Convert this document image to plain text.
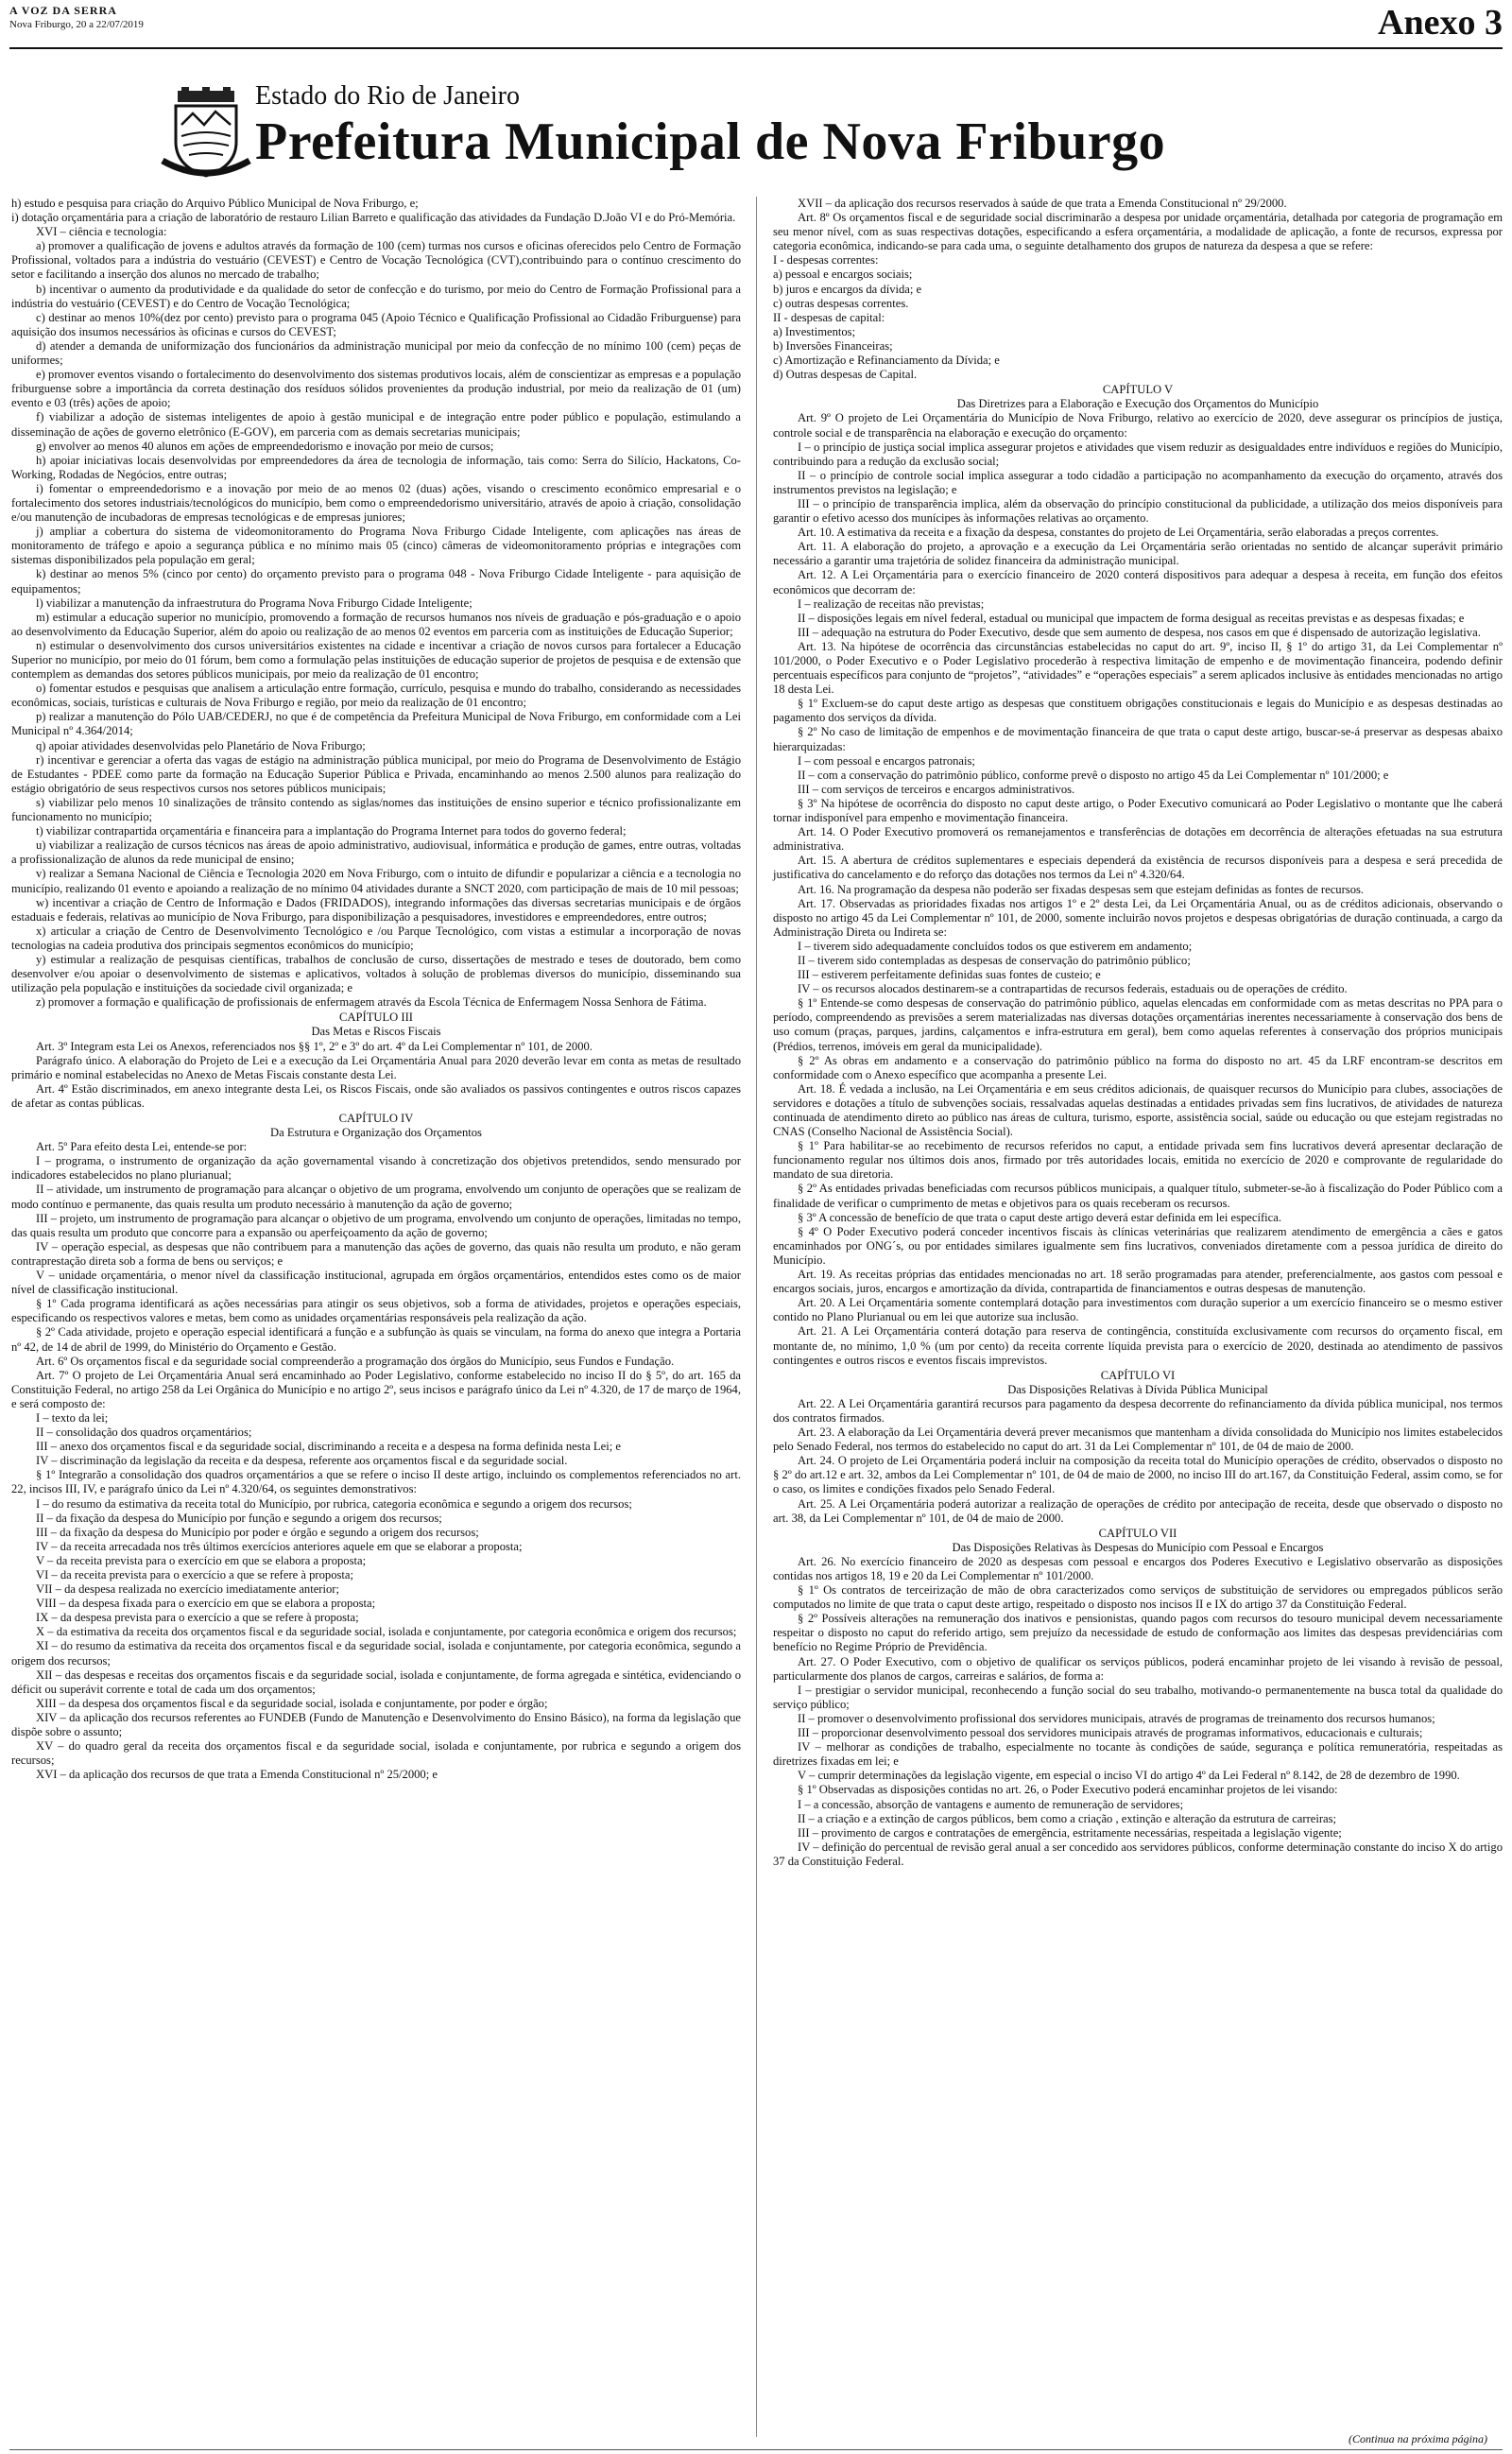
A VOZ DA SERRA
Nova Friburgo, 20 a 22/07/2019	Anexo 3
Estado do Rio de Janeiro
Prefeitura Municipal de Nova Friburgo

h) estudo e pesquisa para criação do Arquivo Público Municipal de Nova Friburgo, e;

i) dotação orçamentária para a criação de laboratório de restauro Lilian Barreto e qualificação das atividades da Fundação D.João VI e do Pró-Memória.

XVI – ciência e tecnologia:

a) promover a qualificação de jovens e adultos através da formação de 100 (cem) turmas nos cursos e oficinas oferecidos pelo Centro de Formação Profissional, voltados para a indústria do vestuário (CEVEST) e Centro de Vocação Tecnológica (CVT),contribuindo para o contínuo crescimento do setor e facilitando a inserção dos alunos no mercado de trabalho;

b) incentivar o aumento da produtividade e da qualidade do setor de confecção e do turismo, por meio do Centro de Formação Profissional para a indústria do vestuário (CEVEST) e do Centro de Vocação Tecnológica;

c) destinar ao menos 10%(dez por cento) previsto para o programa 045 (Apoio Técnico e Qualificação Profissional ao Cidadão Friburguense) para aquisição dos insumos necessários às oficinas e cursos do CEVEST;

d) atender a demanda de uniformização dos funcionários da administração municipal por meio da confecção de no mínimo 100 (cem) peças de uniformes;

e) promover eventos visando o fortalecimento do desenvolvimento dos sistemas produtivos locais, além de conscientizar as empresas e a população friburguense sobre a importância da correta destinação dos resíduos sólidos provenientes da produção industrial, por meio da realização de 01 (um) evento e 03 (três) ações de apoio;

f) viabilizar a adoção de sistemas inteligentes de apoio à gestão municipal e de integração entre poder público e população, estimulando a disseminação de ações de governo eletrônico (E-GOV), em parceria com as demais secretarias municipais;

g) envolver ao menos 40 alunos em ações de empreendedorismo e inovação por meio de cursos;

h) apoiar iniciativas locais desenvolvidas por empreendedores da área de tecnologia de informação, tais como: Serra do Silício, Hackatons, Co-Working, Rodadas de Negócios, entre outras;

i) fomentar o empreendedorismo e a inovação por meio de ao menos 02 (duas) ações, visando o crescimento econômico empresarial e o fortalecimento dos setores industriais/tecnológicos do município, bem como o empreendedorismo universitário, através de apoio à criação, consolidação e/ou manutenção de incubadoras de empresas tecnológicas e de empresas juniores;

j) ampliar a cobertura do sistema de videomonitoramento do Programa Nova Friburgo Cidade Inteligente, com aplicações nas áreas de monitoramento de tráfego e apoio a segurança pública e no mínimo mais 05 (cinco) câmeras de videomonitoramento próprias e integrações com sistemas disponibilizados pela população em geral;

k) destinar ao menos 5% (cinco por cento) do orçamento previsto para o programa 048 - Nova Friburgo Cidade Inteligente - para aquisição de equipamentos;

l) viabilizar a manutenção da infraestrutura do Programa Nova Friburgo Cidade Inteligente;

m) estimular a educação superior no município, promovendo a formação de recursos humanos nos níveis de graduação e pós-graduação e o apoio ao desenvolvimento da Educação Superior, além do apoio ou realização de ao menos 02 eventos em parceria com as instituições de Educação Superior;

n) estimular o desenvolvimento dos cursos universitários existentes na cidade e incentivar a criação de novos cursos para fortalecer a Educação Superior no município, por meio do 01 fórum, bem como a formulação pelas instituições de educação superior de projetos de pesquisa e de extensão que contemplem as demandas dos setores públicos municipais, por meio da realização de 01 encontro;

o) fomentar estudos e pesquisas que analisem a articulação entre formação, currículo, pesquisa e mundo do trabalho, considerando as necessidades econômicas, sociais, turísticas e culturais de Nova Friburgo e região, por meio da realização de 01 encontro;

p) realizar a manutenção do Pólo UAB/CEDERJ, no que é de competência da Prefeitura Municipal de Nova Friburgo, em conformidade com a Lei Municipal nº 4.364/2014;

q) apoiar atividades desenvolvidas pelo Planetário de Nova Friburgo;

r) incentivar e gerenciar a oferta das vagas de estágio na administração pública municipal, por meio do Programa de Desenvolvimento de Estágio de Estudantes - PDEE como parte da formação na Educação Superior Pública e Privada, encaminhando ao menos 2.500 alunos para realização do estágio obrigatório de seus respectivos cursos nos setores públicos municipais;

s) viabilizar pelo menos 10 sinalizações de trânsito contendo as siglas/nomes das instituições de ensino superior e técnico profissionalizante em funcionamento no município;

t) viabilizar contrapartida orçamentária e financeira para a implantação do Programa Internet para todos do governo federal;

u) viabilizar a realização de cursos técnicos nas áreas de apoio administrativo, audiovisual, informática e produção de games, entre outras, voltadas a profissionalização de alunos da rede municipal de ensino;

v) realizar a Semana Nacional de Ciência e Tecnologia 2020 em Nova Friburgo, com o intuito de difundir e popularizar a ciência e a tecnologia no município, realizando 01 evento e apoiando a realização de no mínimo 04 atividades durante a SNCT 2020, com participação de mais de 10 mil pessoas;

w) incentivar a criação de Centro de Informação e Dados (FRIDADOS), integrando informações das diversas secretarias municipais e de órgãos estaduais e federais, relativas ao município de Nova Friburgo, para disponibilização a pesquisadores, investidores e empreendedores, entre outros;

x) articular a criação de Centro de Desenvolvimento Tecnológico e /ou Parque Tecnológico, com vistas a estimular a incorporação de novas tecnologias na cadeia produtiva dos principais segmentos econômicos do município;

y) estimular a realização de pesquisas científicas, trabalhos de conclusão de curso, dissertações de mestrado e teses de doutorado, bem como desenvolver e/ou apoiar o desenvolvimento de sistemas e aplicativos, voltados à solução de problemas diversos do município, disseminando sua utilização pela população e instituições da sociedade civil organizada; e

z) promover a formação e qualificação de profissionais de enfermagem através da Escola Técnica de Enfermagem Nossa Senhora de Fátima.

CAPÍTULO III
Das Metas e Riscos Fiscais

Art. 3º Integram esta Lei os Anexos, referenciados nos §§ 1º, 2º e 3º do art. 4º da Lei Complementar nº 101, de 2000.

Parágrafo único. A elaboração do Projeto de Lei e a execução da Lei Orçamentária Anual para 2020 deverão levar em conta as metas de resultado primário e nominal estabelecidas no Anexo de Metas Fiscais constante desta Lei.

Art. 4º Estão discriminados, em anexo integrante desta Lei, os Riscos Fiscais, onde são avaliados os passivos contingentes e outros riscos capazes de afetar as contas públicas.

CAPÍTULO IV
Da Estrutura e Organização dos Orçamentos

Art. 5º Para efeito desta Lei, entende-se por:

I – programa, o instrumento de organização da ação governamental visando à concretização dos objetivos pretendidos, sendo mensurado por indicadores estabelecidos no plano plurianual;

II – atividade, um instrumento de programação para alcançar o objetivo de um programa, envolvendo um conjunto de operações que se realizam de modo contínuo e permanente, das quais resulta um produto necessário à manutenção da ação de governo;

III – projeto, um instrumento de programação para alcançar o objetivo de um programa, envolvendo um conjunto de operações, limitadas no tempo, das quais resulta um produto que concorre para a expansão ou aperfeiçoamento da ação de governo;

IV – operação especial, as despesas que não contribuem para a manutenção das ações de governo, das quais não resulta um produto, e não geram contraprestação direta sob a forma de bens ou serviços; e

V – unidade orçamentária, o menor nível da classificação institucional, agrupada em órgãos orçamentários, entendidos estes como os de maior nível de classificação institucional.

§ 1º Cada programa identificará as ações necessárias para atingir os seus objetivos, sob a forma de atividades, projetos e operações especiais, especificando os respectivos valores e metas, bem como as unidades orçamentárias responsáveis pela realização da ação.

§ 2º Cada atividade, projeto e operação especial identificará a função e a subfunção às quais se vinculam, na forma do anexo que integra a Portaria nº 42, de 14 de abril de 1999, do Ministério do Orçamento e Gestão.

Art. 6º Os orçamentos fiscal e da seguridade social compreenderão a programação dos órgãos do Município, seus Fundos e Fundação.

Art. 7º O projeto de Lei Orçamentária Anual será encaminhado ao Poder Legislativo, conforme estabelecido no inciso II do § 5º, do art. 165 da Constituição Federal, no artigo 258 da Lei Orgânica do Município e no artigo 2º, seus incisos e parágrafo único da Lei nº 4.320, de 17 de março de 1964, e será composto de:

I – texto da lei;

II – consolidação dos quadros orçamentários;

III – anexo dos orçamentos fiscal e da seguridade social, discriminando a receita e a despesa na forma definida nesta Lei; e

IV – discriminação da legislação da receita e da despesa, referente aos orçamentos fiscal e da seguridade social.

§ 1º Integrarão a consolidação dos quadros orçamentários a que se refere o inciso II deste artigo, incluindo os complementos referenciados no art. 22, incisos III, IV, e parágrafo único da Lei nº 4.320/64, os seguintes demonstrativos:

I – do resumo da estimativa da receita total do Município, por rubrica, categoria econômica e segundo a origem dos recursos;

II – da fixação da despesa do Município por função e segundo a origem dos recursos;

III – da fixação da despesa do Município por poder e órgão e segundo a origem dos recursos;

IV – da receita arrecadada nos três últimos exercícios anteriores aquele em que se elaborar a proposta;

V – da receita prevista para o exercício em que se elabora a proposta;

VI – da receita prevista para o exercício a que se refere à proposta;

VII – da despesa realizada no exercício imediatamente anterior;

VIII – da despesa fixada para o exercício em que se elabora a proposta;

IX – da despesa prevista para o exercício a que se refere à proposta;

X – da estimativa da receita dos orçamentos fiscal e da seguridade social, isolada e conjuntamente, por categoria econômica e origem dos recursos;

XI – do resumo da estimativa da receita dos orçamentos fiscal e da seguridade social, isolada e conjuntamente, por categoria econômica, segundo a origem dos recursos;

XII – das despesas e receitas dos orçamentos fiscais e da seguridade social, isolada e conjuntamente, de forma agregada e sintética, evidenciando o déficit ou superávit corrente e total de cada um dos orçamentos;

XIII – da despesa dos orçamentos fiscal e da seguridade social, isolada e conjuntamente, por poder e órgão;

XIV – da aplicação dos recursos referentes ao FUNDEB (Fundo de Manutenção e Desenvolvimento do Ensino Básico), na forma da legislação que dispõe sobre o assunto;

XV – do quadro geral da receita dos orçamentos fiscal e da seguridade social, isolada e conjuntamente, por rubrica e segundo a origem dos recursos;

XVI – da aplicação dos recursos de que trata a Emenda Constitucional nº 25/2000; e

XVII – da aplicação dos recursos reservados à saúde de que trata a Emenda Constitucional nº 29/2000.

Art. 8º Os orçamentos fiscal e de seguridade social discriminarão a despesa por unidade orçamentária, detalhada por categoria de programação em seu menor nível, com as suas respectivas dotações, especificando a esfera orçamentária, a modalidade de aplicação, a fonte de recursos, expressa por categoria econômica, indicando-se para cada uma, o seguinte detalhamento dos grupos de natureza da despesa a que se refere:

I - despesas correntes:

a) pessoal e encargos sociais;

b) juros e encargos da dívida; e

c) outras despesas correntes.

II - despesas de capital:

a) Investimentos;

b) Inversões Financeiras;

c) Amortização e Refinanciamento da Dívida; e

d) Outras despesas de Capital.

CAPÍTULO V
Das Diretrizes para a Elaboração e Execução dos Orçamentos do Município

Art. 9º O projeto de Lei Orçamentária do Município de Nova Friburgo, relativo ao exercício de 2020, deve assegurar os princípios de justiça, controle social e de transparência na elaboração e execução do orçamento:

I – o princípio de justiça social implica assegurar projetos e atividades que visem reduzir as desigualdades entre indivíduos e regiões do Município, contribuindo para a redução da exclusão social;

II – o princípio de controle social implica assegurar a todo cidadão a participação no acompanhamento da execução do orçamento, através dos instrumentos previstos na legislação; e

III – o princípio de transparência implica, além da observação do princípio constitucional da publicidade, a utilização dos meios disponíveis para garantir o efetivo acesso dos munícipes às informações relativas ao orçamento.

Art. 10. A estimativa da receita e a fixação da despesa, constantes do projeto de Lei Orçamentária, serão elaboradas a preços correntes.

Art. 11. A elaboração do projeto, a aprovação e a execução da Lei Orçamentária serão orientadas no sentido de alcançar superávit primário necessário a garantir uma trajetória de solidez financeira da administração municipal.

Art. 12. A Lei Orçamentária para o exercício financeiro de 2020 conterá dispositivos para adequar a despesa à receita, em função dos efeitos econômicos que decorram de:

I – realização de receitas não previstas;

II – disposições legais em nível federal, estadual ou municipal que impactem de forma desigual as receitas previstas e as despesas fixadas; e

III – adequação na estrutura do Poder Executivo, desde que sem aumento de despesa, nos casos em que é dispensado de autorização legislativa.

Art. 13. Na hipótese de ocorrência das circunstâncias estabelecidas no caput do art. 9º, inciso II, § 1º do artigo 31, da Lei Complementar nº 101/2000, o Poder Executivo e o Poder Legislativo procederão à respectiva limitação de empenho e de movimentação financeira, podendo definir percentuais específicos para conjunto de “projetos”, “atividades” e “operações especiais” a serem aplicados inclusive às entidades mencionadas no artigo 18 desta Lei.

§ 1º Excluem-se do caput deste artigo as despesas que constituem obrigações constitucionais e legais do Município e as despesas destinadas ao pagamento dos serviços da dívida.

§ 2º No caso de limitação de empenhos e de movimentação financeira de que trata o caput deste artigo, buscar-se-á preservar as despesas abaixo hierarquizadas:

I – com pessoal e encargos patronais;

II – com a conservação do patrimônio público, conforme prevê o disposto no artigo 45 da Lei Complementar nº 101/2000; e

III – com serviços de terceiros e encargos administrativos.

§ 3º Na hipótese de ocorrência do disposto no caput deste artigo, o Poder Executivo comunicará ao Poder Legislativo o montante que lhe caberá tornar indisponível para empenho e movimentação financeira.

Art. 14. O Poder Executivo promoverá os remanejamentos e transferências de dotações em decorrência de alterações efetuadas na sua estrutura administrativa.

Art. 15. A abertura de créditos suplementares e especiais dependerá da existência de recursos disponíveis para a despesa e será precedida de justificativa do cancelamento e do reforço das dotações nos termos da Lei nº 4.320/64.

Art. 16. Na programação da despesa não poderão ser fixadas despesas sem que estejam definidas as fontes de recursos.

Art. 17. Observadas as prioridades fixadas nos artigos 1º e 2º desta Lei, da Lei Orçamentária Anual, ou as de créditos adicionais, observando o disposto no artigo 45 da Lei Complementar nº 101, de 2000, somente incluirão novos projetos e despesas obrigatórias de duração continuada, a cargo da Administração Direta ou Indireta se:

I – tiverem sido adequadamente concluídos todos os que estiverem em andamento;

II – tiverem sido contempladas as despesas de conservação do patrimônio público;

III – estiverem perfeitamente definidas suas fontes de custeio; e

IV – os recursos alocados destinarem-se a contrapartidas de recursos federais, estaduais ou de operações de crédito.

§ 1º Entende-se como despesas de conservação do patrimônio público, aquelas elencadas em conformidade com as metas descritas no PPA para o período, compreendendo as previsões a serem materializadas nas diversas dotações orçamentárias inerentes necessariamente à conservação dos bens de uso comum (praças, parques, jardins, calçamentos e infra-estrutura em geral), bem como aquelas referentes à conservação dos próprios municipais (Prédios, terrenos, imóveis em geral da municipalidade).

§ 2º As obras em andamento e a conservação do patrimônio público na forma do disposto no art. 45 da LRF encontram-se descritos em conformidade com o Anexo específico que acompanha a presente Lei.

Art. 18. É vedada a inclusão, na Lei Orçamentária e em seus créditos adicionais, de quaisquer recursos do Município para clubes, associações de servidores e dotações a título de subvenções sociais, ressalvadas aquelas destinadas a entidades privadas sem fins lucrativos, de atividades de natureza continuada de atendimento direto ao público nas áreas de cultura, turismo, esporte, assistência social, saúde ou educação ou que estejam registradas no CNAS (Conselho Nacional de Assistência Social).

§ 1º Para habilitar-se ao recebimento de recursos referidos no caput, a entidade privada sem fins lucrativos deverá apresentar declaração de funcionamento regular nos últimos dois anos, firmado por três autoridades locais, emitida no exercício de 2020 e comprovante de regularidade do mandato de sua diretoria.

§ 2º As entidades privadas beneficiadas com recursos públicos municipais, a qualquer título, submeter-se-ão à fiscalização do Poder Público com a finalidade de verificar o cumprimento de metas e objetivos para os quais receberam os recursos.

§ 3º A concessão de benefício de que trata o caput deste artigo deverá estar definida em lei específica.

§ 4º O Poder Executivo poderá conceder incentivos fiscais às clínicas veterinárias que realizarem atendimento de emergência a cães e gatos encaminhados por ONG´s, ou por entidades similares igualmente sem fins lucrativos, conveniados diretamente com a pessoa jurídica de direito do Município.

Art. 19. As receitas próprias das entidades mencionadas no art. 18 serão programadas para atender, preferencialmente, aos gastos com pessoal e encargos sociais, juros, encargos e amortização da dívida, contrapartida de financiamentos e outras despesas de manutenção.

Art. 20. A Lei Orçamentária somente contemplará dotação para investimentos com duração superior a um exercício financeiro se o mesmo estiver contido no Plano Plurianual ou em lei que autorize sua inclusão.

Art. 21. A Lei Orçamentária conterá dotação para reserva de contingência, constituída exclusivamente com recursos do orçamento fiscal, em montante de, no mínimo, 1,0 % (um por cento) da receita corrente líquida prevista para o exercício de 2020, destinada ao atendimento de passivos contingentes e outros riscos e eventos fiscais imprevistos.

CAPÍTULO VI
Das Disposições Relativas à Dívida Pública Municipal

Art. 22. A Lei Orçamentária garantirá recursos para pagamento da despesa decorrente do refinanciamento da dívida pública municipal, nos termos dos contratos firmados.

Art. 23. A elaboração da Lei Orçamentária deverá prever mecanismos que mantenham a dívida consolidada do Município nos limites estabelecidos pelo Senado Federal, nos termos do estabelecido no caput do art. 31 da Lei Complementar nº 101, de 04 de maio de 2000.

Art. 24. O projeto de Lei Orçamentária poderá incluir na composição da receita total do Município operações de crédito, observados o disposto no § 2º do art.12 e art. 32, ambos da Lei Complementar nº 101, de 04 de maio de 2000, no inciso III do art.167, da Constituição Federal, assim como, se for o caso, os limites e condições fixados pelo Senado Federal.

Art. 25. A Lei Orçamentária poderá autorizar a realização de operações de crédito por antecipação de receita, desde que observado o disposto no art. 38, da Lei Complementar nº 101, de 04 de maio de 2000.

CAPÍTULO VII
Das Disposições Relativas às Despesas do Município com Pessoal e Encargos

Art. 26. No exercício financeiro de 2020 as despesas com pessoal e encargos dos Poderes Executivo e Legislativo observarão as disposições contidas nos artigos 18, 19 e 20 da Lei Complementar nº 101/2000.

§ 1º Os contratos de terceirização de mão de obra caracterizados como serviços de substituição de servidores ou empregados públicos serão computados no limite de que trata o caput deste artigo, respeitado o disposto nos incisos II e IX do artigo 37 da Constituição Federal.

§ 2º Possíveis alterações na remuneração dos inativos e pensionistas, quando pagos com recursos do tesouro municipal devem necessariamente respeitar o disposto no caput do referido artigo, sem prejuízo da necessidade de estudo de conformação aos limites das despesas previdenciárias com benefício no Regime Próprio de Previdência.

Art. 27. O Poder Executivo, com o objetivo de qualificar os serviços públicos, poderá encaminhar projeto de lei visando à revisão de pessoal, particularmente dos planos de cargos, carreiras e salários, de forma a:

I – prestigiar o servidor municipal, reconhecendo a função social do seu trabalho, motivando-o permanentemente na busca total da qualidade do serviço público;

II – promover o desenvolvimento profissional dos servidores municipais, através de programas de treinamento dos recursos humanos;

III – proporcionar desenvolvimento pessoal dos servidores municipais através de programas informativos, educacionais e culturais;

IV – melhorar as condições de trabalho, especialmente no tocante às condições de saúde, segurança e política remuneratória, respeitadas as diretrizes fixadas em lei; e

V – cumprir determinações da legislação vigente, em especial o inciso VI do artigo 4º da Lei Federal nº 8.142, de 28 de dezembro de 1990.

§ 1º Observadas as disposições contidas no art. 26, o Poder Executivo poderá encaminhar projetos de lei visando:

I – a concessão, absorção de vantagens e aumento de remuneração de servidores;

II – a criação e a extinção de cargos públicos, bem como a criação , extinção e alteração da estrutura de carreiras;

III – provimento de cargos e contratações de emergência, estritamente necessárias, respeitada a legislação vigente;

IV – definição do percentual de revisão geral anual a ser concedido aos servidores públicos, conforme determinação constante do inciso X do artigo 37 da Constituição Federal.

(Continua na próxima página)
